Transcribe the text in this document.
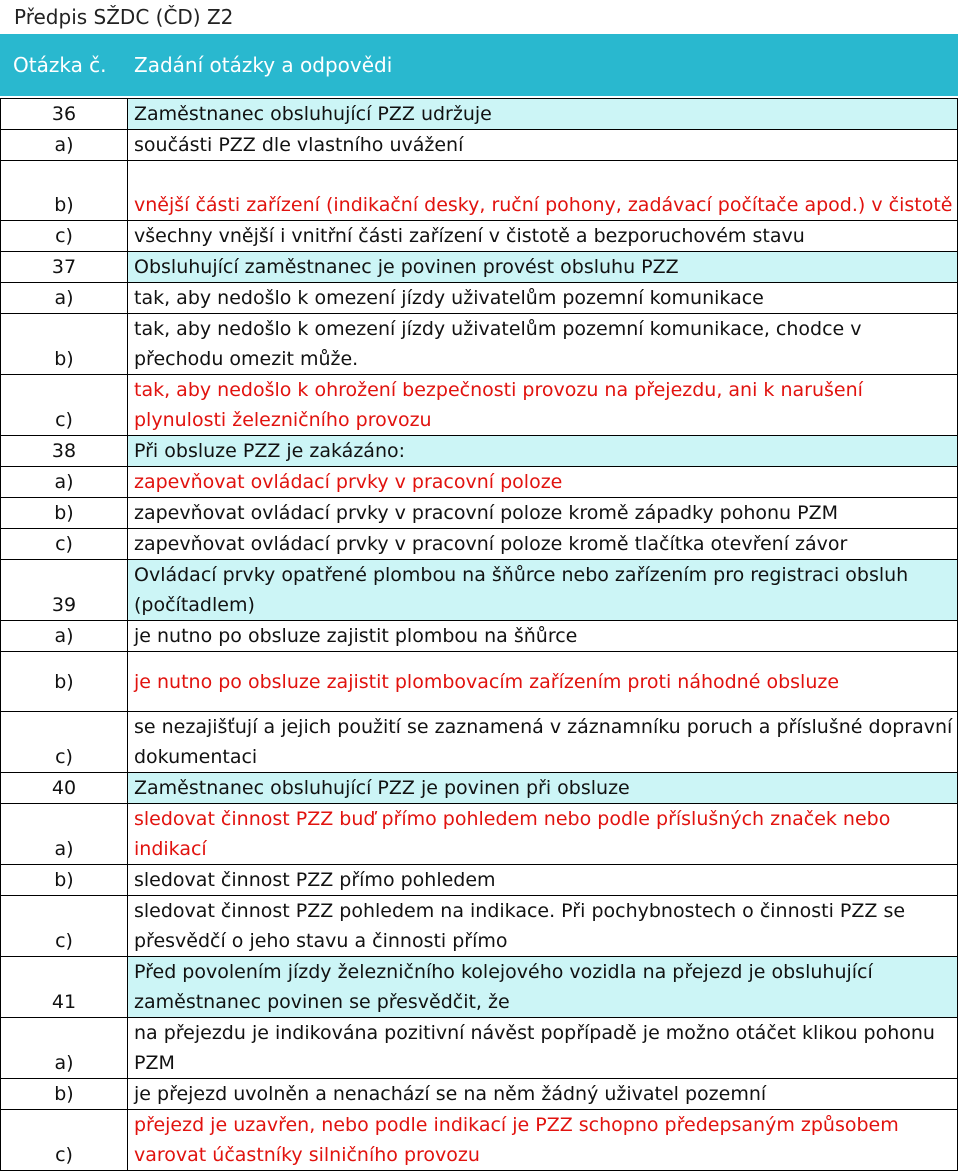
Předpis SŽDC (ČD) Z2
Otázka č.	Zadání otázky a odpovědi

36	Zaměstnanec obsluhující PZZ udržuje
a)	součásti PZZ dle vlastního uvážení
b)	vnější části zařízení (indikační desky, ruční pohony, zadávací počítače apod.) v čistotě
c)	všechny vnější i vnitřní části zařízení v čistotě a bezporuchovém stavu
37	Obsluhující zaměstnanec je povinen provést obsluhu PZZ
a)	tak, aby nedošlo k omezení jízdy uživatelům pozemní komunikace
b)	tak, aby nedošlo k omezení jízdy uživatelům pozemní komunikace, chodce v přechodu omezit může.
c)	tak, aby nedošlo k ohrožení bezpečnosti provozu na přejezdu, ani k narušení plynulosti železničního provozu
38	Při obsluze PZZ je zakázáno:
a)	zapevňovat ovládací prvky v pracovní poloze
b)	zapevňovat ovládací prvky v pracovní poloze kromě západky pohonu PZM
c)	zapevňovat ovládací prvky v pracovní poloze kromě tlačítka otevření závor
39	Ovládací prvky opatřené plombou na šňůrce nebo zařízením pro registraci obsluh (počítadlem)
a)	je nutno po obsluze zajistit plombou na šňůrce
b)	je nutno po obsluze zajistit plombovacím zařízením proti náhodné obsluze
c)	se nezajišťují a jejich použití se zaznamená v záznamníku poruch a příslušné dopravní dokumentaci
40	Zaměstnanec obsluhující PZZ je povinen při obsluze
a)	sledovat činnost PZZ buď přímo pohledem nebo podle příslušných značek nebo indikací
b)	sledovat činnost PZZ přímo pohledem
c)	sledovat činnost PZZ pohledem na indikace. Při pochybnostech o činnosti PZZ se přesvědčí o jeho stavu a činnosti přímo
41	Před povolením jízdy železničního kolejového vozidla na přejezd je obsluhující zaměstnanec povinen se přesvědčit, že
a)	na přejezdu je indikována pozitivní návěst popřípadě je možno otáčet klikou pohonu PZM
b)	je přejezd uvolněn a nenachází se na něm žádný uživatel pozemní
c)	přejezd je uzavřen, nebo podle indikací je PZZ schopno předepsaným způsobem varovat účastníky silničního provozu
